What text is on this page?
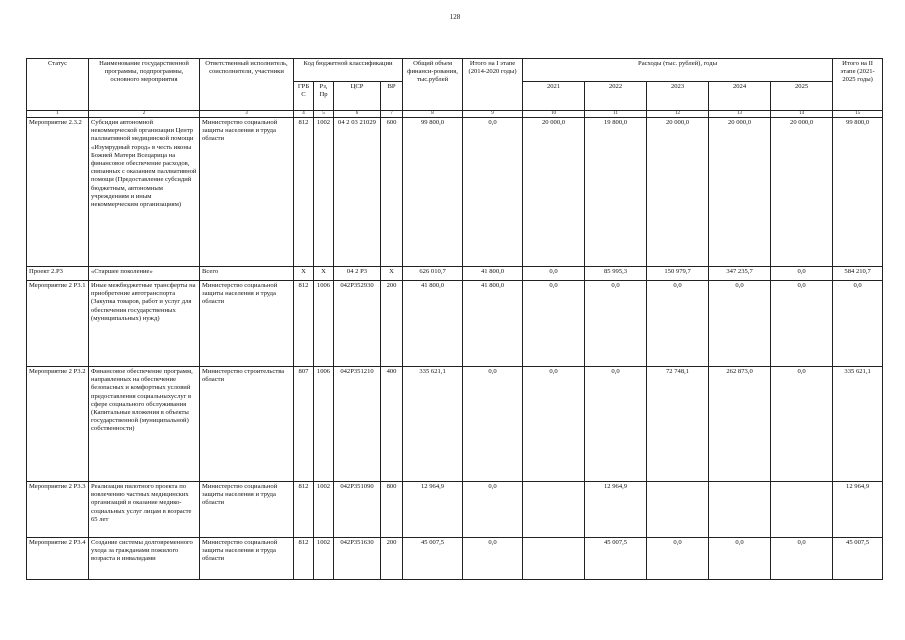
128
Статус	Наименование государственной программы, подпрограммы, основного мероприятия	Ответственный исполнитель, соисполнители, участники	Код бюджетной классификации				Общий объем финанси-рования, тыс.рублей	Итого на I этапе (2014-2020 годы)	Расходы (тыс. рублей), годы					Итого на II этапе (2021-2025 годы)
			ГРБС	Рз, Пр	ЦСР	ВР			2021	2022	2023	2024	2025	
1	2	3	4	5	6	7	8	9	10	11	12	13	14	15
Мероприятие 2.3.2	Субсидия автономной некоммерческой организации Центр паллиативной медицинской помощи «Изумрудный город» в честь иконы Божией Матери Всецарица на финансовое обеспечение расходов, связанных с оказанием паллиативной помощи (Предоставление субсидий бюджетным, автономным учреждениям и иным некоммерческим организациям)	Министерство социальной защиты населения и труда области	812	1002	04 2 03 21029	600	99 800,0	0,0	20 000,0	19 800,0	20 000,0	20 000,0	20 000,0	99 800,0
Проект 2.Р3	«Старшее поколение»	Всего	Х	Х	04 2 Р3	Х	626 010,7	41 800,0	0,0	85 995,3	150 979,7	347 235,7	0,0	584 210,7
Мероприятие 2 Р3.1	Иные межбюджетные трансферты на приобретение автотранспорта (Закупка товаров, работ и услуг для обеспечения государственных (муниципальных) нужд)	Министерство социальной защиты населения и труда области	812	1006	042Р352930	200	41 800,0	41 800,0	0,0	0,0	0,0	0,0	0,0	0,0
Мероприятие 2 Р3.2	Финансовое обеспечение программ, направленных на обеспечение безопасных и комфортных условий предоставления социальныхуслуг в сфере социального обслуживания (Капитальные вложения в объекты государственной (муниципальной) собственности)	Министерство строительства области	807	1006	042Р351210	400	335 621,1	0,0	0,0	0,0	72 748,1	262 873,0	0,0	335 621,1
Мероприятие 2 Р3.3	Реализация пилотного проекта по вовлечению частных медицинских организаций в оказание медико-социальных услуг лицам в возрасте 65 лет	Министерство социальной защиты населения и труда области	812	1002	042Р351090	800	12 964,9	0,0		12 964,9				12 964,9
Мероприятие 2 Р3.4	Создание системы долговременного ухода за гражданами пожилого возраста и инвалидами	Министерство социальной защиты населения и труда области	812	1002	042Р351630	200	45 007,5	0,0		45 007,5	0,0	0,0	0,0	45 007,5
